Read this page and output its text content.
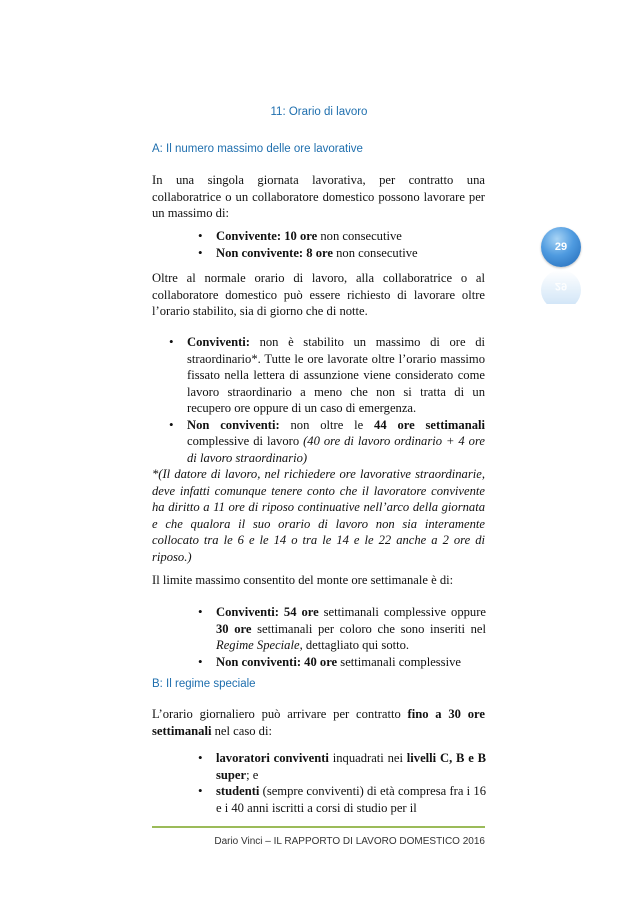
11: Orario di lavoro
A: Il numero massimo delle ore lavorative
In una singola giornata lavorativa, per contratto una collaboratrice o un collaboratore domestico possono lavorare per un massimo di:
• Convivente: 10 ore non consecutive
• Non convivente: 8 ore non consecutive
Oltre al normale orario di lavoro, alla collaboratrice o al collaboratore domestico può essere richiesto di lavorare oltre l’orario stabilito, sia di giorno che di notte.
• Conviventi: non è stabilito un massimo di ore di straordinario*. Tutte le ore lavorate oltre l’orario massimo fissato nella lettera di assunzione viene considerato come lavoro straordinario a meno che non si tratta di un recupero ore oppure di un caso di emergenza.
• Non conviventi: non oltre le 44 ore settimanali complessive di lavoro (40 ore di lavoro ordinario + 4 ore di lavoro straordinario)
*(Il datore di lavoro, nel richiedere ore lavorative straordinarie, deve infatti comunque tenere conto che il lavoratore convivente ha diritto a 11 ore di riposo continuative nell’arco della giornata e che qualora il suo orario di lavoro non sia interamente collocato tra le 6 e le 14 o tra le 14 e le 22 anche a 2 ore di riposo.)
Il limite massimo consentito del monte ore settimanale è di:
• Conviventi: 54 ore settimanali complessive oppure 30 ore settimanali per coloro che sono inseriti nel Regime Speciale, dettagliato qui sotto.
• Non conviventi: 40 ore settimanali complessive
B: Il regime speciale
L’orario giornaliero può arrivare per contratto fino a 30 ore settimanali nel caso di:
• lavoratori conviventi inquadrati nei livelli C, B e B super; e
• studenti (sempre conviventi) di età compresa fra i 16 e i 40 anni iscritti a corsi di studio per il
29
29
Dario Vinci – IL RAPPORTO DI LAVORO DOMESTICO 2016
